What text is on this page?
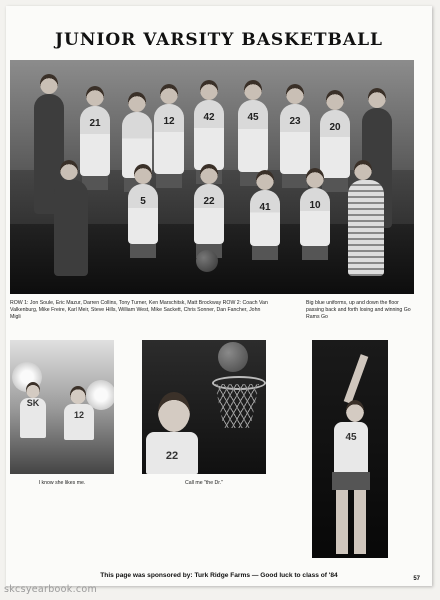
JUNIOR VARSITY BASKETBALL
21	12	42	45	23
20
5	22
41	10
ROW 1: Jon Soule, Eric Mazur, Darren Collins, Tony Turner, Ken Marschitsk, Matt Brockway ROW 2: Coach Van Valkenburg, Mike Freire, Karl Meir, Steve Hills, William West, Mike Sackett, Chris Sonner, Dan Fancher, John Migli
Big blue uniforms, up and down the floor passing back and forth losing and winning Go Rams Go
SK
12
I know she likes me.
22
Call me "the Dr."
45
This page was sponsored by: Turk Ridge Farms — Good luck to class of '84	57
skcsyearbook.com
